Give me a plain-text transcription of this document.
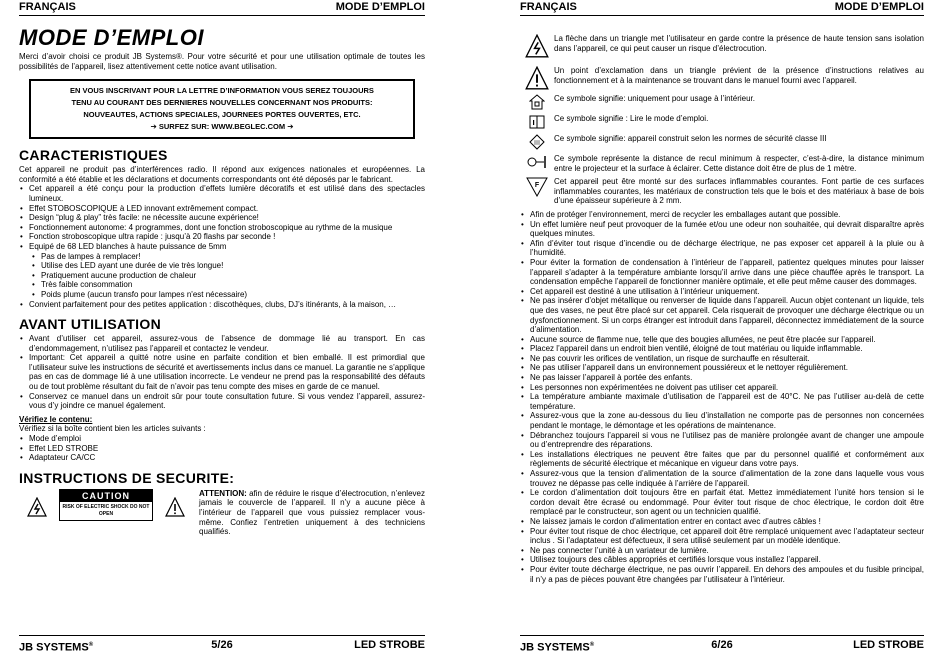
FRANÇAIS	MODE D’EMPLOI
MODE D’EMPLOI

Merci d’avoir choisi ce produit JB Systems®. Pour votre sécurité et pour une utilisation optimale de toutes les possibilités de l’appareil, lisez attentivement cette notice avant utilisation.

EN VOUS INSCRIVANT POUR LA LETTRE D’INFORMATION VOUS SEREZ TOUJOURS
TENU AU COURANT DES DERNIERES NOUVELLES CONCERNANT NOS PRODUITS:
NOUVEAUTES, ACTIONS SPECIALES, JOURNEES PORTES OUVERTES, ETC.
➔ SURFEZ SUR: WWW.BEGLEC.COM ➔
CARACTERISTIQUES

Cet appareil ne produit pas d’interférences radio. Il répond aux exigences nationales et européennes. La conformité a été établie et les déclarations et documents correspondants ont été déposés par le fabricant.

• Cet appareil a été conçu pour la production d’effets lumière décoratifs et est utilisé dans des spectacles lumineux.
• Effet STOBOSCOPIQUE à LED innovant extrêmement compact.
• Design “plug & play” très facile: ne nécessite aucune expérience!
• Fonctionnement autonome: 4 programmes, dont une fonction stroboscopique au rythme de la musique
• Fonction stroboscopique ultra rapide : jusqu’à 20 flashs par seconde !
• Equipé de 68 LED blanches à haute puissance de 5mm
• Pas de lampes à remplacer!
• Utilise des LED ayant une durée de vie très longue!
• Pratiquement aucune production de chaleur
• Très faible consommation
• Poids plume (aucun transfo pour lampes n'est nécessaire)
• Convient parfaitement pour des petites application : discothèques, clubs, DJ’s itinérants, à la maison, …
AVANT UTILISATION
• Avant d’utiliser cet appareil, assurez-vous de l’absence de dommage lié au transport. En cas d’endommagement, n’utilisez pas l’appareil et contactez le vendeur.
• Important: Cet appareil a quitté notre usine en parfaite condition et bien emballé. Il est primordial que l’utilisateur suive les instructions de sécurité et avertissements inclus dans ce manuel. La garantie ne s’applique pas en cas de dommage lié à une utilisation incorrecte. Le vendeur ne prend pas la responsabilité des défauts ou de tout problème résultant du fait de n’avoir pas tenu compte des mises en garde de ce manuel.
• Conservez ce manuel dans un endroit sûr pour toute consultation future. Si vous vendez l’appareil, assurez-vous d’y joindre ce manuel également.

Vérifiez le contenu:

Vérifiez si la boîte contient bien les articles suivants :

• Mode d’emploi
• Effet LED STROBE
• Adaptateur CA/CC
INSTRUCTIONS DE SECURITE:
CAUTION
RISK OF ELECTRIC SHOCK DO NOT OPEN
ATTENTION: afin de réduire le risque d’électrocution, n’enlevez jamais le couvercle de l’appareil. Il n’y a aucune pièce à l’intérieur de l’appareil que vous puissiez remplacer vous-même. Confiez l’entretien uniquement à des techniciens qualifiés.
JB SYSTEMS®	5/26	LED STROBE
FRANÇAIS	MODE D’EMPLOI
La flèche dans un triangle met l’utilisateur en garde contre la présence de haute tension sans isolation dans l’appareil, ce qui peut causer un risque d’électrocution.
Un point d’exclamation dans un triangle prévient de la présence d’instructions relatives au fonctionnement et à la maintenance se trouvant dans le manuel fourni avec l’appareil.
Ce symbole signifie: uniquement pour usage à l’intérieur.
Ce symbole signifie : Lire le mode d’emploi.
III
Ce symbole signifie: appareil construit selon les normes de sécurité classe III
Ce symbole représente la distance de recul minimum à respecter, c’est-à-dire, la distance minimum entre le projecteur et la surface à éclairer. Cette distance doit être de plus de 1 mètre.
F Cet appareil peut être monté sur des surfaces inflammables courantes. Font partie de ces surfaces inflammables courantes, les matériaux de construction tels que le bois et des matériaux à base de bois d’une épaisseur supérieure à 2 mm.
• Afin de protéger l’environnement, merci de recycler les emballages autant que possible.
• Un effet lumière neuf peut provoquer de la fumée et/ou une odeur non souhaitée, qui devrait disparaître après quelques minutes.
• Afin d’éviter tout risque d’incendie ou de décharge électrique, ne pas exposer cet appareil à la pluie ou à l’humidité.
• Pour éviter la formation de condensation à l’intérieur de l’appareil, patientez quelques minutes pour laisser l’appareil s’adapter à la température ambiante lorsqu’il arrive dans une pièce chauffée après le transport. La condensation empêche l’appareil de fonctionner manière optimale, et elle peut même causer des dommages.
• Cet appareil est destiné à une utilisation à l’intérieur uniquement.
• Ne pas insérer d’objet métallique ou renverser de liquide dans l’appareil. Aucun objet contenant un liquide, tels que des vases, ne peut être placé sur cet appareil. Cela risquerait de provoquer une décharge électrique ou un dysfonctionnement. Si un corps étranger est introduit dans l’appareil, déconnectez immédiatement de la source d’alimentation.
• Aucune source de flamme nue, telle que des bougies allumées, ne peut être placée sur l’appareil.
• Placez l’appareil dans un endroit bien ventilé, éloigné de tout matériau ou liquide inflammable.
• Ne pas couvrir les orifices de ventilation, un risque de surchauffe en résulterait.
• Ne pas utiliser l’appareil dans un environnement poussiéreux et le nettoyer régulièrement.
• Ne pas laisser l’appareil à portée des enfants.
• Les personnes non expérimentées ne doivent pas utiliser cet appareil.
• La température ambiante maximale d’utilisation de l’appareil est de 40°C. Ne pas l’utiliser au-delà de cette température.
• Assurez-vous que la zone au-dessous du lieu d’installation ne comporte pas de personnes non concernées pendant le montage, le démontage et les opérations de maintenance.
• Débranchez toujours l’appareil si vous ne l’utilisez pas de manière prolongée avant de changer une ampoule ou d’entreprendre des réparations.
• Les installations électriques ne peuvent être faites que par du personnel qualifié et conformément aux règlements de sécurité électrique et mécanique en vigueur dans votre pays.
• Assurez-vous que la tension d’alimentation de la source d’alimentation de la zone dans laquelle vous vous trouvez ne dépasse pas celle indiquée à l’arrière de l’appareil.
• Le cordon d’alimentation doit toujours être en parfait état. Mettez immédiatement l’unité hors tension si le cordon devait être écrasé ou endommagé. Pour éviter tout risque de choc électrique, le cordon doit être remplacé par le constructeur, son agent ou un technicien qualifié.
• Ne laissez jamais le cordon d’alimentation entrer en contact avec d’autres câbles !
• Pour éviter tout risque de choc électrique, cet appareil doit être remplacé uniquement avec l’adaptateur secteur inclus . Si l’adaptateur est défectueux, il sera utilisé seulement par un modèle identique.
• Ne pas connecter l’unité à un variateur de lumière.
• Utilisez toujours des câbles appropriés et certifiés lorsque vous installez l’appareil.
• Pour éviter toute décharge électrique, ne pas ouvrir l’appareil. En dehors des ampoules et du fusible principal, il n’y a pas de pièces pouvant être changées par l’utilisateur à l’intérieur.
JB SYSTEMS®	6/26	LED STROBE
